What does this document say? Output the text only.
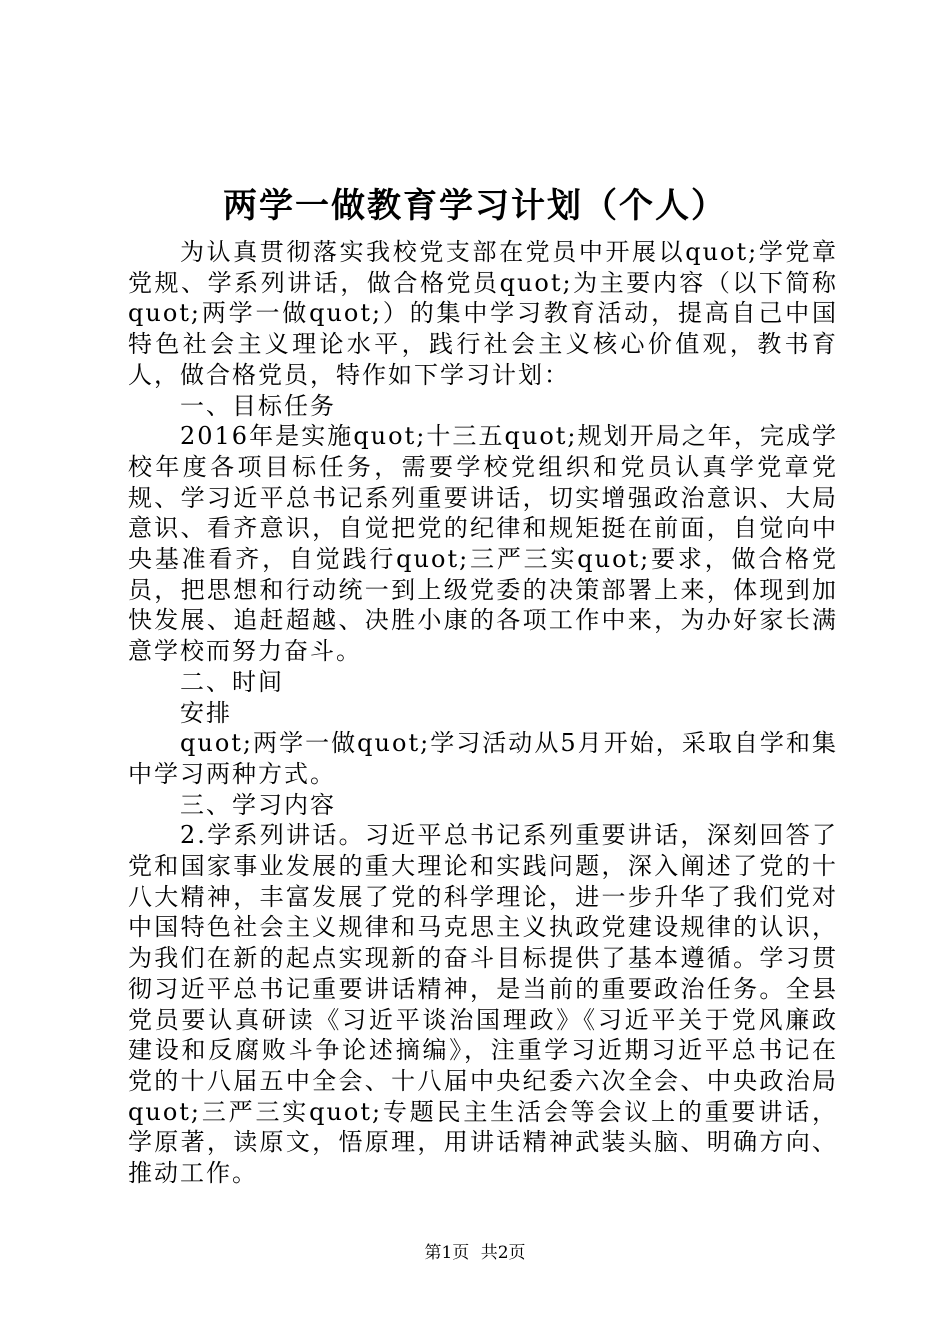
两学一做教育学习计划（个人）

为认真贯彻落实我校党支部在党员中开展以quot;学党章党规、学系列讲话，做合格党员quot;为主要内容（以下简称quot;两学一做quot;）的集中学习教育活动，提高自己中国特色社会主义理论水平，践行社会主义核心价值观，教书育人，做合格党员，特作如下学习计划：

一、目标任务

2016年是实施quot;十三五quot;规划开局之年，完成学校年度各项目标任务，需要学校党组织和党员认真学党章党规、学习近平总书记系列重要讲话，切实增强政治意识、大局意识、看齐意识，自觉把党的纪律和规矩挺在前面，自觉向中央基准看齐，自觉践行quot;三严三实quot;要求，做合格党员，把思想和行动统一到上级党委的决策部署上来，体现到加快发展、追赶超越、决胜小康的各项工作中来，为办好家长满意学校而努力奋斗。

二、时间

安排

quot;两学一做quot;学习活动从5月开始，采取自学和集中学习两种方式。

三、学习内容

2.学系列讲话。习近平总书记系列重要讲话，深刻回答了党和国家事业发展的重大理论和实践问题，深入阐述了党的十八大精神，丰富发展了党的科学理论，进一步升华了我们党对中国特色社会主义规律和马克思主义执政党建设规律的认识，为我们在新的起点实现新的奋斗目标提供了基本遵循。学习贯彻习近平总书记重要讲话精神，是当前的重要政治任务。全县党员要认真研读《习近平谈治国理政》《习近平关于党风廉政建设和反腐败斗争论述摘编》，注重学习近期习近平总书记在党的十八届五中全会、十八届中央纪委六次全会、中央政治局quot;三严三实quot;专题民主生活会等会议上的重要讲话，学原著，读原文，悟原理，用讲话精神武装头脑、明确方向、推动工作。

第1页 共2页
